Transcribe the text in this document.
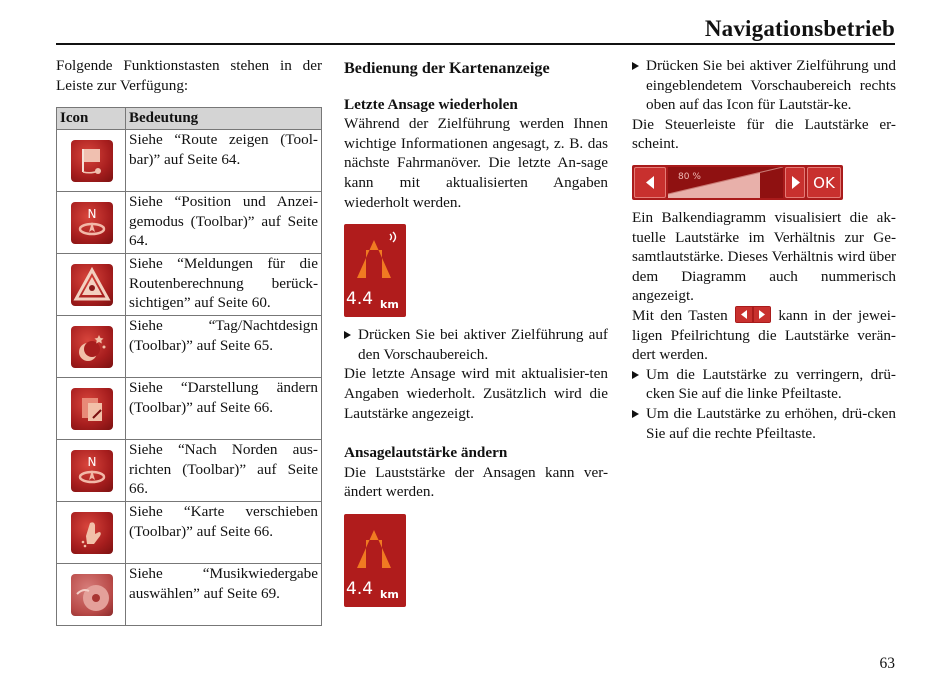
Navigationsbetrieb

Folgende Funktionstasten stehen in der Leiste zur Verfügung:

Icon	Bedeutung

	Siehe “Route zeigen (Tool-bar)” auf Seite 64.

N	Siehe “Position und Anzei-gemodus (Toolbar)” auf Seite 64.

	Siehe “Meldungen für die Routenberechnung berück-sichtigen” auf Seite 60.

	Siehe “Tag/Nachtdesign (Toolbar)” auf Seite 65.

	Siehe “Darstellung ändern (Toolbar)” auf Seite 66.

N	Siehe “Nach Norden aus-richten (Toolbar)” auf Seite 66.

	Siehe “Karte verschieben (Toolbar)” auf Seite 66.

	Siehe “Musikwiedergabe auswählen” auf Seite 69.

Bedienung der Kartenanzeige

Letzte Ansage wiederholen

Während der Zielführung werden Ihnen wichtige Informationen angesagt, z. B. das nächste Fahrmanöver. Die letzte An-sage kann mit aktualisierten Angaben wiederholt werden.

4.4 km

Drücken Sie bei aktiver Zielführung auf den Vorschaubereich.

Die letzte Ansage wird mit aktualisier-ten Angaben wiederholt. Zusätzlich wird die Lautstärke angezeigt.

Ansagelautstärke ändern

Die Lauststärke der Ansagen kann ver-ändert werden.

4.4 km

Drücken Sie bei aktiver Zielführung und eingeblendetem Vorschaubereich rechts oben auf das Icon für Lautstär-ke.

Die Steuerleiste für die Lautstärke er-scheint.

80 %	OK

Ein Balkendiagramm visualisiert die ak-tuelle Lautstärke im Verhältnis zur Ge-samtlautstärke. Dieses Verhältnis wird über dem Diagramm auch nummerisch angezeigt.

Mit den Tasten	kann in der jewei-ligen Pfeilrichtung die Lautstärke verän-dert werden.

Um die Lautstärke zu verringern, drü-cken Sie auf die linke Pfeiltaste.

Um die Lautstärke zu erhöhen, drü-cken Sie auf die rechte Pfeiltaste.

63
